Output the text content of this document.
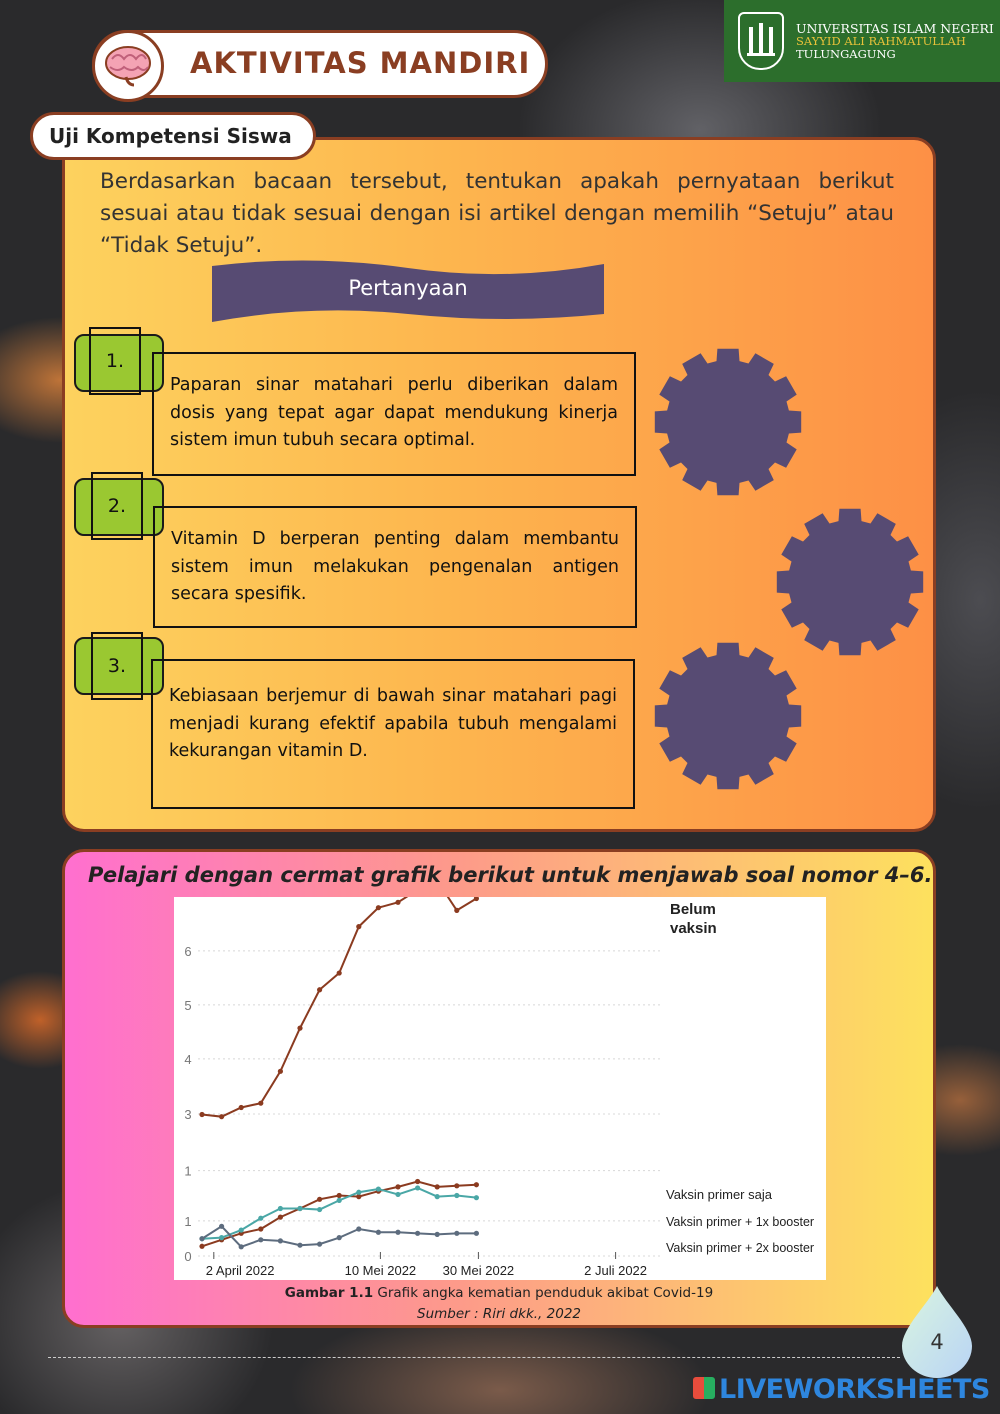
AKTIVITAS MANDIRI
UNIVERSITAS ISLAM NEGERI
SAYYID ALI RAHMATULLAH
TULUNGAGUNG
Uji Kompetensi Siswa
Berdasarkan bacaan tersebut, tentukan apakah pernyataan berikut sesuai atau tidak sesuai dengan isi artikel dengan memilih “Setuju” atau “Tidak Setuju”.
Pertanyaan
1.
Paparan sinar matahari perlu diberikan dalam dosis yang tepat agar dapat mendukung kinerja sistem imun tubuh secara optimal.
2.
Vitamin D berperan penting dalam membantu sistem imun melakukan pengenalan antigen secara spesifik.
3.
Kebiasaan berjemur di bawah sinar matahari pagi menjadi kurang efektif apabila tubuh mengalami kekurangan vitamin D.
Pelajari dengan cermat grafik berikut untuk menjawab soal nomor 4–6.
0
1
1
3
4
5
6
2 April 2022	10 Mei 2022 30 Mei 2022	2 Juli 2022
Belum
vaksin
Vaksin primer saja
Vaksin primer + 1x booster
Vaksin primer + 2x booster
Gambar 1.1 Grafik angka kematian penduduk akibat Covid-19
Sumber : Riri dkk., 2022
4
LIVEWORKSHEETS
